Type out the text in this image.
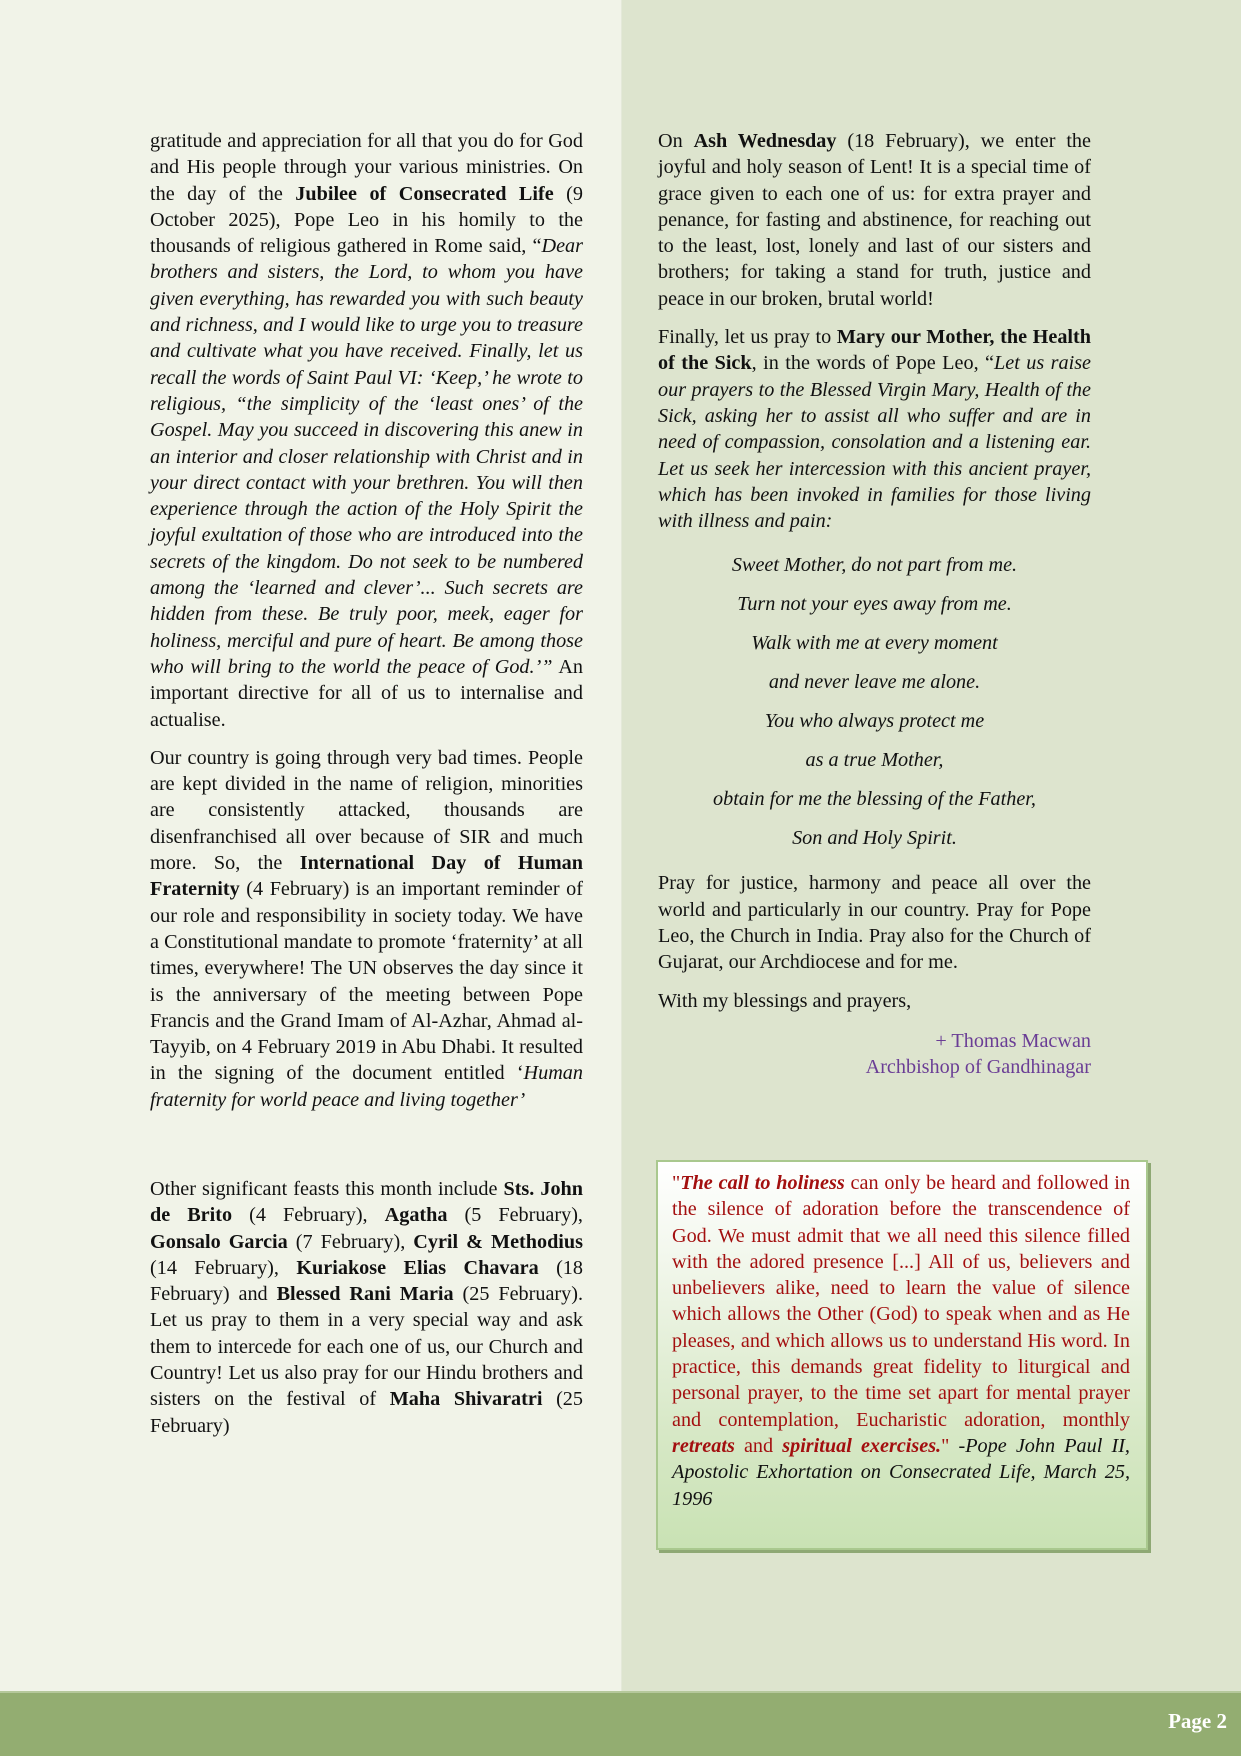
gratitude and appreciation for all that you do for God and His people through your various ministries. On the day of the Jubilee of Consecrated Life (9 October 2025), Pope Leo in his homily to the thousands of religious gathered in Rome said, “Dear brothers and sisters, the Lord, to whom you have given everything, has rewarded you with such beauty and richness, and I would like to urge you to treasure and cultivate what you have received. Finally, let us recall the words of Saint Paul VI: ‘Keep,’ he wrote to religious, “the simplicity of the ‘least ones’ of the Gospel. May you succeed in discovering this anew in an interior and closer relationship with Christ and in your direct contact with your brethren. You will then experience through the action of the Holy Spirit the joyful exultation of those who are introduced into the secrets of the kingdom. Do not seek to be numbered among the ‘learned and clever’... Such secrets are hidden from these. Be truly poor, meek, eager for holiness, merciful and pure of heart. Be among those who will bring to the world the peace of God.’” An important directive for all of us to internalise and actualise.

Our country is going through very bad times. People are kept divided in the name of religion, minorities are consistently attacked, thousands are disenfranchised all over because of SIR and much more. So, the International Day of Human Fraternity (4 February) is an important reminder of our role and responsibility in society today. We have a Constitutional mandate to promote ‘fraternity’ at all times, everywhere! The UN observes the day since it is the anniversary of the meeting between Pope Francis and the Grand Imam of Al-Azhar, Ahmad al-Tayyib, on 4 February 2019 in Abu Dhabi. It resulted in the signing of the document entitled ‘Human fraternity for world peace and living together’

Other significant feasts this month include Sts. John de Brito (4 February), Agatha (5 February), Gonsalo Garcia (7 February), Cyril & Methodius (14 February), Kuriakose Elias Chavara (18 February) and Blessed Rani Maria (25 February). Let us pray to them in a very special way and ask them to intercede for each one of us, our Church and Country! Let us also pray for our Hindu brothers and sisters on the festival of Maha Shivaratri (25 February)

On Ash Wednesday (18 February), we enter the joyful and holy season of Lent! It is a special time of grace given to each one of us: for extra prayer and penance, for fasting and abstinence, for reaching out to the least, lost, lonely and last of our sisters and brothers; for taking a stand for truth, justice and peace in our broken, brutal world!

Finally, let us pray to Mary our Mother, the Health of the Sick, in the words of Pope Leo, “Let us raise our prayers to the Blessed Virgin Mary, Health of the Sick, asking her to assist all who suffer and are in need of compassion, consolation and a listening ear. Let us seek her intercession with this ancient prayer, which has been invoked in families for those living with illness and pain:

Sweet Mother, do not part from me.
Turn not your eyes away from me.
Walk with me at every moment
and never leave me alone.
You who always protect me
as a true Mother,
obtain for me the blessing of the Father,
Son and Holy Spirit.

Pray for justice, harmony and peace all over the world and particularly in our country. Pray for Pope Leo, the Church in India. Pray also for the Church of Gujarat, our Archdiocese and for me.

With my blessings and prayers,

+ Thomas Macwan
Archbishop of Gandhinagar
"The call to holiness can only be heard and followed in the silence of adoration before the transcendence of God. We must admit that we all need this silence filled with the adored presence [...] All of us, believers and unbelievers alike, need to learn the value of silence which allows the Other (God) to speak when and as He pleases, and which allows us to understand His word. In practice, this demands great fidelity to liturgical and personal prayer, to the time set apart for mental prayer and contemplation, Eucharistic adoration, monthly retreats and spiritual exercises." -Pope John Paul II, Apostolic Exhortation on Consecrated Life, March 25, 1996
Page 2
